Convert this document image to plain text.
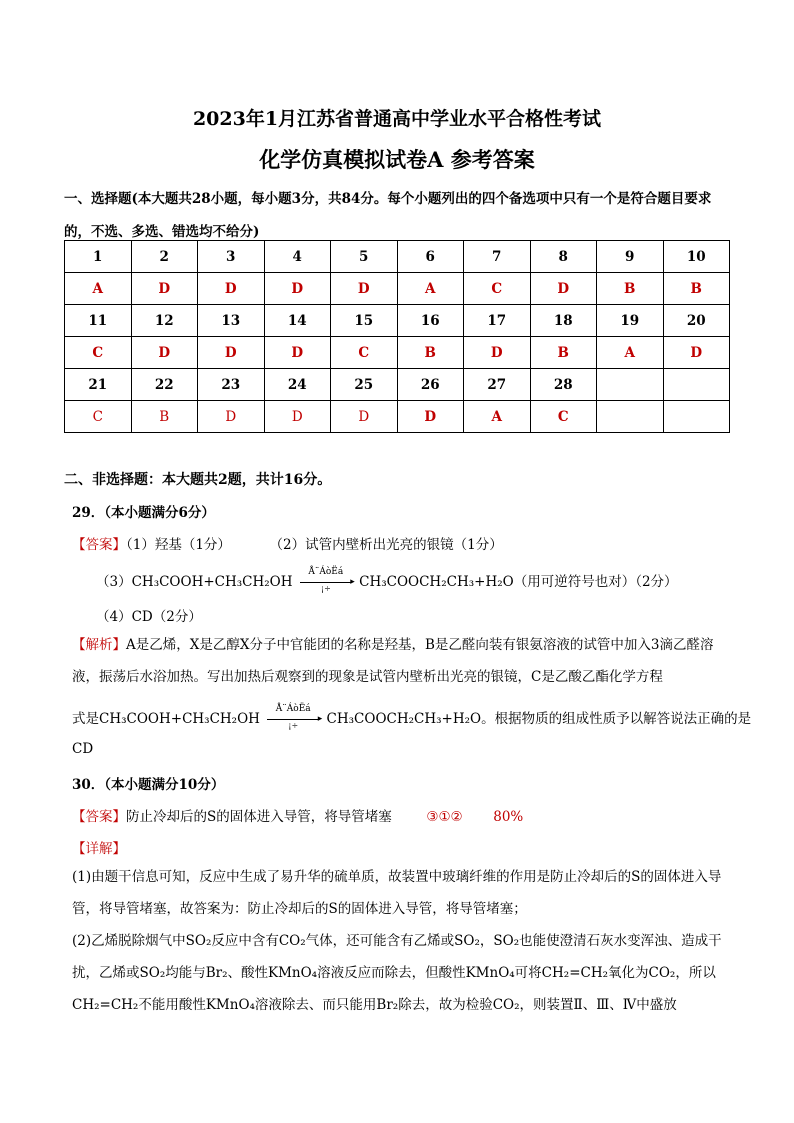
2023年1月江苏省普通高中学业水平合格性考试
化学仿真模拟试卷A 参考答案
一、选择题(本大题共28小题，每小题3分，共84分。每个小题列出的四个备选项中只有一个是符合题目要求的，不选、多选、错选均不给分)
1	2	3	4	5	6	7	8	9	10
A	D	D	D	D	A	C	D	B	B
11	12	13	14	15	16	17	18	19	20
C	D	D	D	C	B	D	B	A	D
21	22	23	24	25	26	27	28		
C	B	D	D	D	D	A	C		
二、非选择题：本大题共2题，共计16分。
29．（本小题满分6分）
【答案】（1）羟基（1分）	（2）试管内壁析出光亮的银镜（1分）
（3）CH₃COOH+CH₃CH₂OH
Å¨ÁòËá
▸
¡÷	CH₃COOCH₂CH₃+H₂O（用可逆符号也对）（2分）
（4）CD（2分）
【解析】A是乙烯，X是乙醇X分子中官能团的名称是羟基，B是乙醛向装有银氨溶液的试管中加入3滴乙醛溶液，振荡后水浴加热。写出加热后观察到的现象是试管内壁析出光亮的银镜，C是乙酸乙酯化学方程
式是CH₃COOH+CH₃CH₂OH
Å¨ÁòËá
▸
¡÷	CH₃COOCH₂CH₃+H₂O。根据物质的组成性质予以解答说法正确的是
CD
30．（本小题满分10分）
【答案】防止冷却后的S的固体进入导管，将导管堵塞	③①② 80%
【详解】
(1)由题干信息可知，反应中生成了易升华的硫单质，故装置中玻璃纤维的作用是防止冷却后的S的固体进入导管，将导管堵塞，故答案为：防止冷却后的S的固体进入导管，将导管堵塞；
(2)乙烯脱除烟气中SO₂反应中含有CO₂气体，还可能含有乙烯或SO₂，SO₂也能使澄清石灰水变浑浊、造成干扰，乙烯或SO₂均能与Br₂、酸性KMnO₄溶液反应而除去，但酸性KMnO₄可将CH₂=CH₂氧化为CO₂，所以CH₂=CH₂不能用酸性KMnO₄溶液除去、而只能用Br₂除去，故为检验CO₂，则装置Ⅱ、Ⅲ、Ⅳ中盛放
